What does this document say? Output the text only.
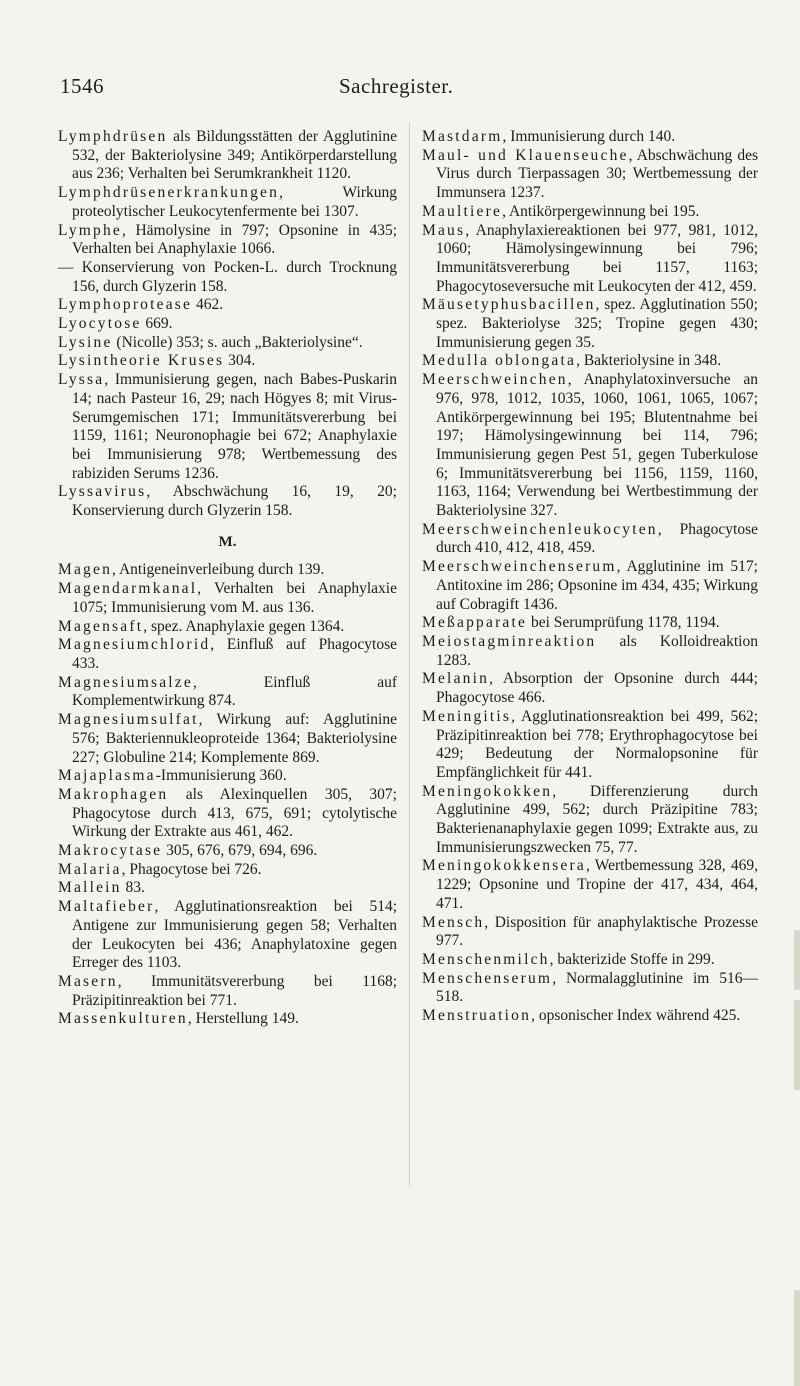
1546	Sachregister.
Lymphdrüsen als Bildungsstätten der Agglutinine 532, der Bakteriolysine 349; Antikörperdarstellung aus 236; Verhalten bei Serumkrankheit 1120.
Lymphdrüsenerkrankungen, Wirkung proteolytischer Leukocytenfermente bei 1307.
Lymphe, Hämolysine in 797; Opsonine in 435; Verhalten bei Anaphylaxie 1066.
— Konservierung von Pocken-L. durch Trocknung 156, durch Glyzerin 158.
Lymphoprotease 462.
Lyocytose 669.
Lysine (Nicolle) 353; s. auch „Bakteriolysine“.
Lysintheorie Kruses 304.
Lyssa, Immunisierung gegen, nach Babes-Puskarin 14; nach Pasteur 16, 29; nach Högyes 8; mit Virus-Serumgemischen 171; Immunitätsvererbung bei 1159, 1161; Neuronophagie bei 672; Anaphylaxie bei Immunisierung 978; Wertbemessung des rabiziden Serums 1236.
Lyssavirus, Abschwächung 16, 19, 20; Konservierung durch Glyzerin 158.
M.
Magen, Antigeneinverleibung durch 139.
Magendarmkanal, Verhalten bei Anaphylaxie 1075; Immunisierung vom M. aus 136.
Magensaft, spez. Anaphylaxie gegen 1364.
Magnesiumchlorid, Einfluß auf Phagocytose 433.
Magnesiumsalze, Einfluß auf Komplementwirkung 874.
Magnesiumsulfat, Wirkung auf: Agglutinine 576; Bakteriennukleoproteide 1364; Bakteriolysine 227; Globuline 214; Komplemente 869.
Majaplasma-Immunisierung 360.
Makrophagen als Alexinquellen 305, 307; Phagocytose durch 413, 675, 691; cytolytische Wirkung der Extrakte aus 461, 462.
Makrocytase 305, 676, 679, 694, 696.
Malaria, Phagocytose bei 726.
Mallein 83.
Maltafieber, Agglutinationsreaktion bei 514; Antigene zur Immunisierung gegen 58; Verhalten der Leukocyten bei 436; Anaphylatoxine gegen Erreger des 1103.
Masern, Immunitätsvererbung bei 1168; Präzipitinreaktion bei 771.
Massenkulturen, Herstellung 149.
Mastdarm, Immunisierung durch 140.
Maul- und Klauenseuche, Abschwächung des Virus durch Tierpassagen 30; Wertbemessung der Immunsera 1237.
Maultiere, Antikörpergewinnung bei 195.
Maus, Anaphylaxiereaktionen bei 977, 981, 1012, 1060; Hämolysingewinnung bei 796; Immunitätsvererbung bei 1157, 1163; Phagocytoseversuche mit Leukocyten der 412, 459.
Mäusetyphusbacillen, spez. Agglutination 550; spez. Bakteriolyse 325; Tropine gegen 430; Immunisierung gegen 35.
Medulla oblongata, Bakteriolysine in 348.
Meerschweinchen, Anaphylatoxinversuche an 976, 978, 1012, 1035, 1060, 1061, 1065, 1067; Antikörpergewinnung bei 195; Blutentnahme bei 197; Hämolysingewinnung bei 114, 796; Immunisierung gegen Pest 51, gegen Tuberkulose 6; Immunitätsvererbung bei 1156, 1159, 1160, 1163, 1164; Verwendung bei Wertbestimmung der Bakteriolysine 327.
Meerschweinchenleukocyten, Phagocytose durch 410, 412, 418, 459.
Meerschweinchenserum, Agglutinine im 517; Antitoxine im 286; Opsonine im 434, 435; Wirkung auf Cobragift 1436.
Meßapparate bei Serumprüfung 1178, 1194.
Meiostagminreaktion als Kolloidreaktion 1283.
Melanin, Absorption der Opsonine durch 444; Phagocytose 466.
Meningitis, Agglutinationsreaktion bei 499, 562; Präzipitinreaktion bei 778; Erythrophagocytose bei 429; Bedeutung der Normalopsonine für Empfänglichkeit für 441.
Meningokokken, Differenzierung durch Agglutinine 499, 562; durch Präzipitine 783; Bakterienanaphylaxie gegen 1099; Extrakte aus, zu Immunisierungszwecken 75, 77.
Meningokokkensera, Wertbemessung 328, 469, 1229; Opsonine und Tropine der 417, 434, 464, 471.
Mensch, Disposition für anaphylaktische Prozesse 977.
Menschenmilch, bakterizide Stoffe in 299.
Menschenserum, Normalagglutinine im 516—518.
Menstruation, opsonischer Index während 425.
